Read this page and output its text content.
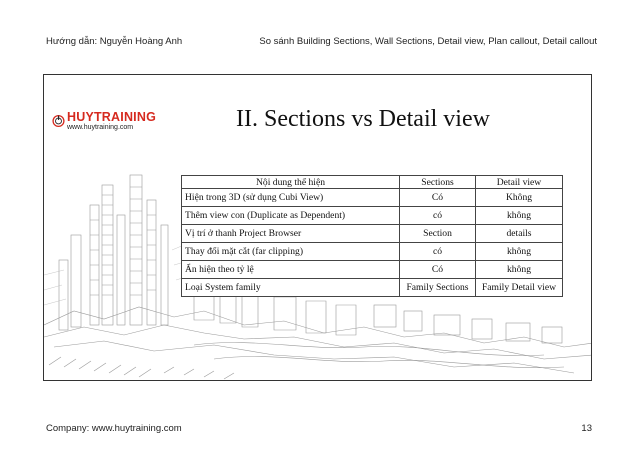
Hướng dẫn: Nguyễn Hoàng Anh	So sánh Building Sections, Wall Sections, Detail view, Plan callout, Detail callout
HUYTRAINING
www.huytraining.com	II. Sections vs Detail view
Nội dung thể hiện	Sections	Detail view
Hiện trong 3D (sử dụng Cubi View)	Có	Không
Thêm view con (Duplicate as Dependent)	có	không
Vị trí ở thanh Project Browser	Section	details
Thay đổi mặt cắt (far clipping)	có	không
Ẩn hiện theo tỷ lệ	Có	không
Loại System family	Family Sections	Family Detail view
Company: www.huytraining.com	13
